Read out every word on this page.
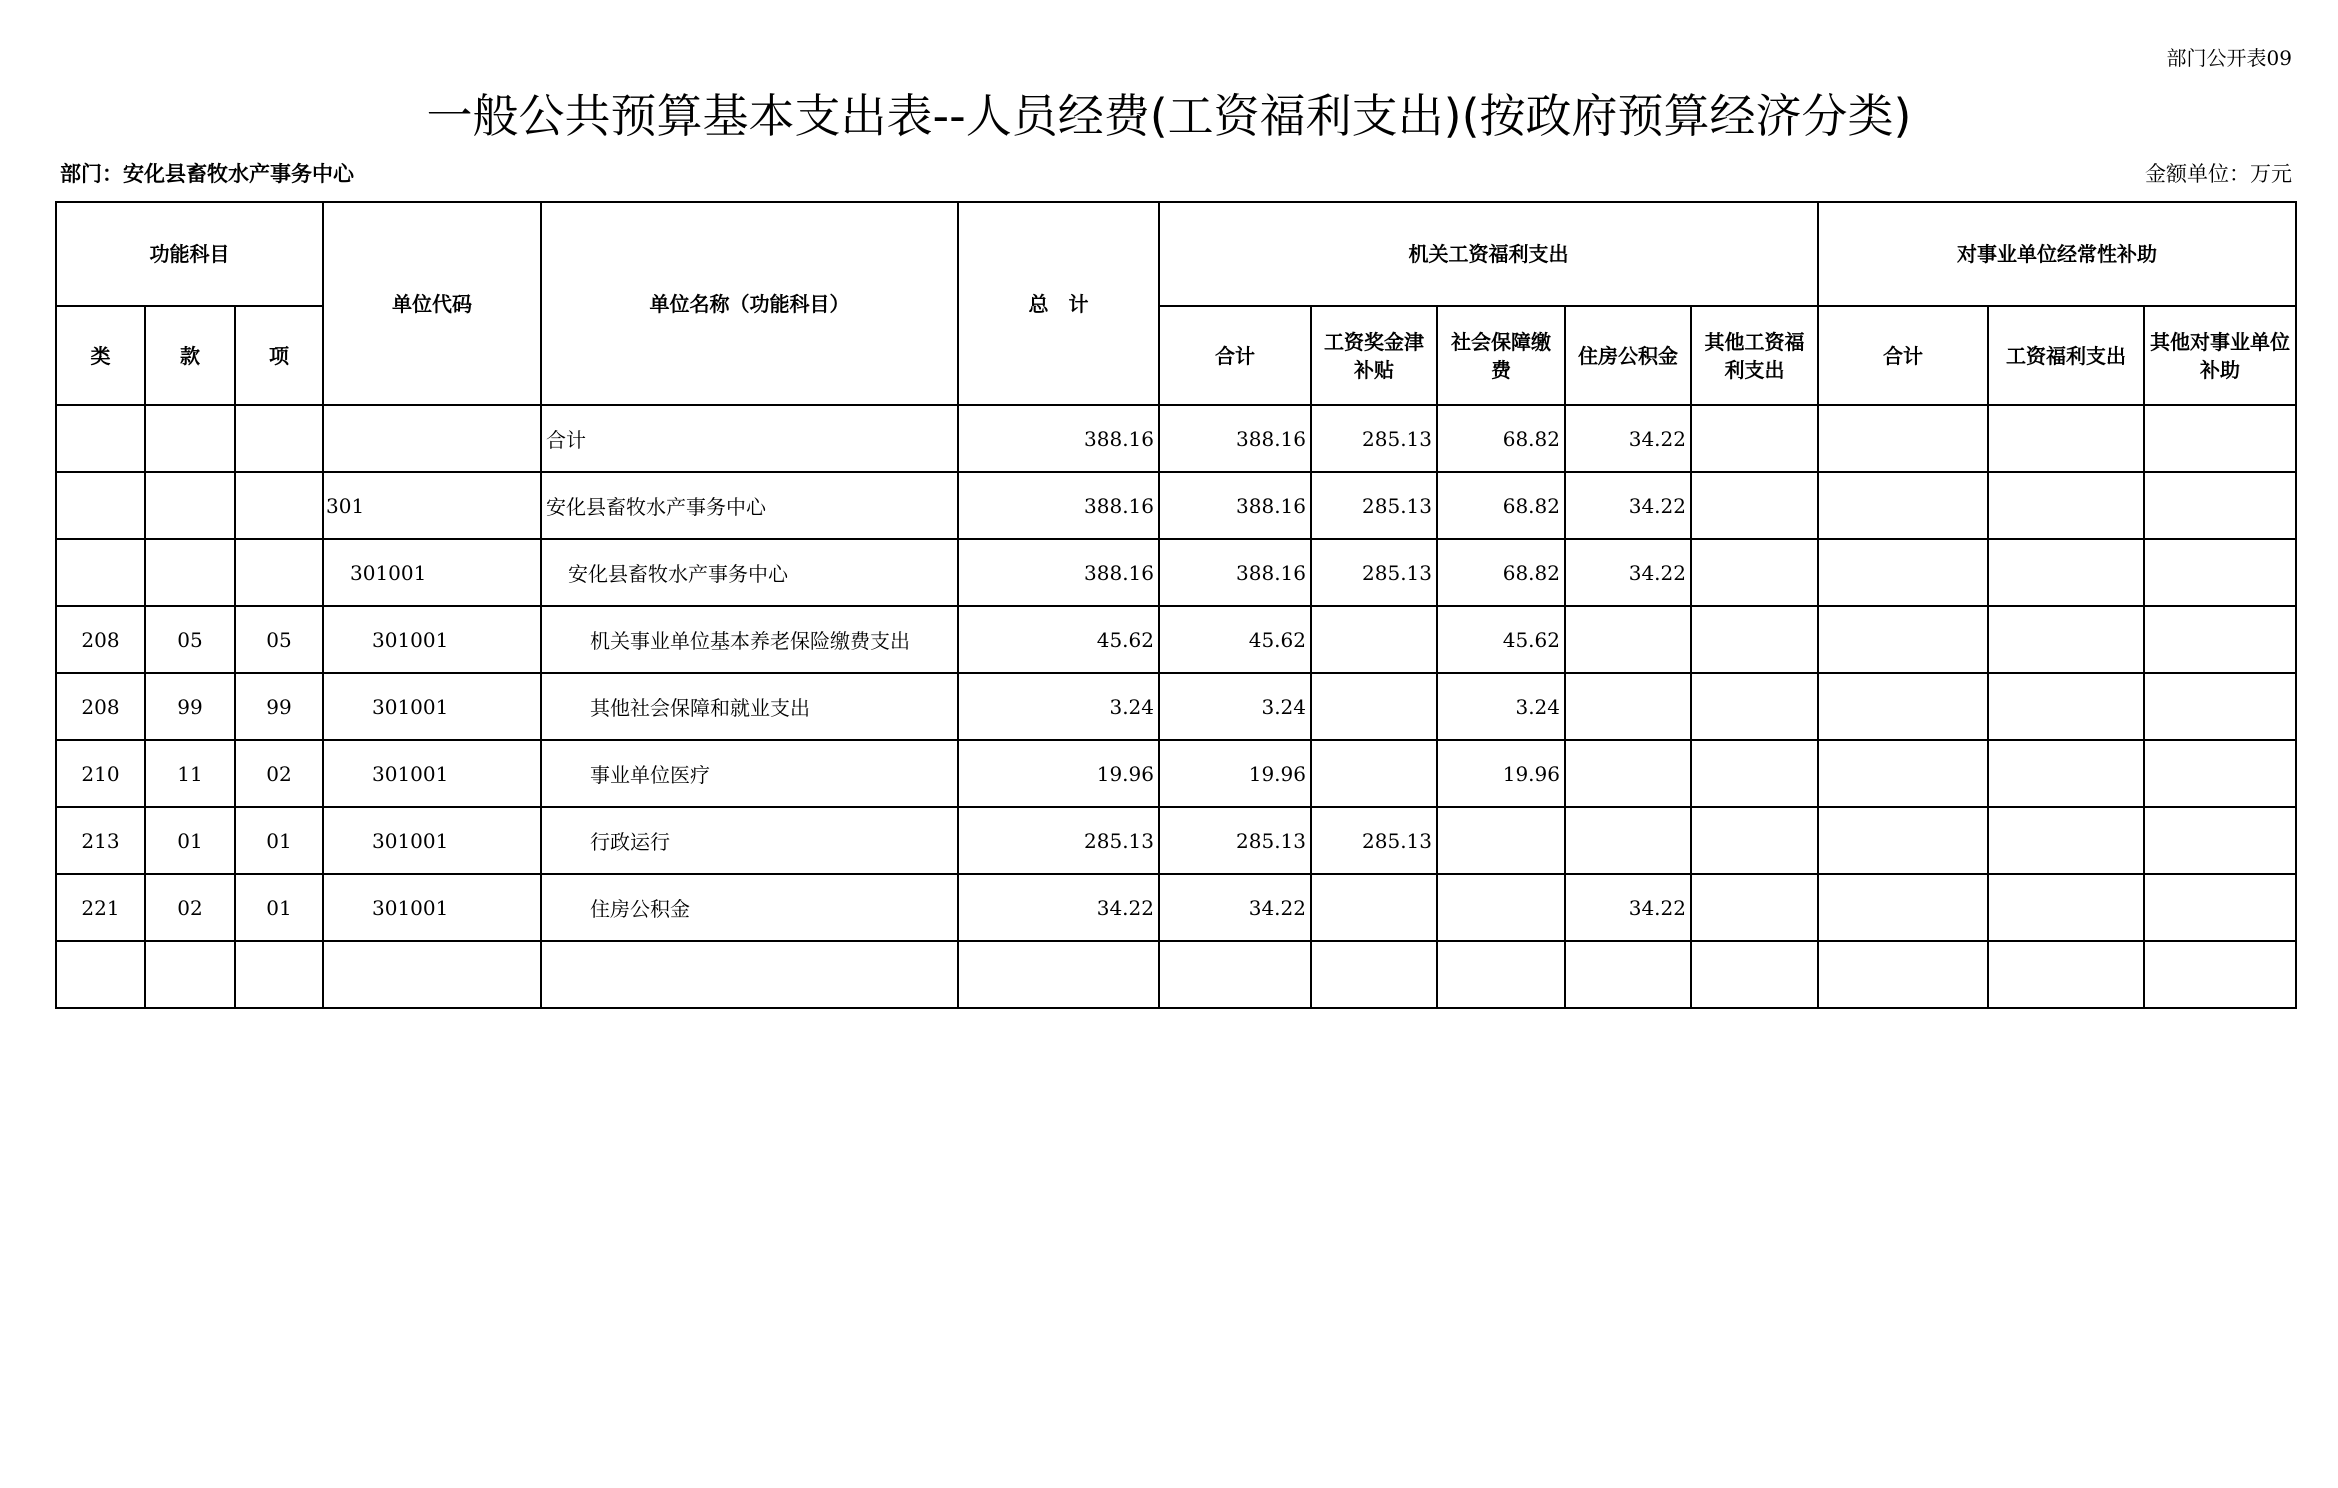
部门公开表09
一般公共预算基本支出表--人员经费(工资福利支出)(按政府预算经济分类)
部门：安化县畜牧水产事务中心	金额单位：万元
功能科目			单位代码	单位名称（功能科目）	总　计	机关工资福利支出					对事业单位经常性补助		
类	款	项				合计	工资奖金津补贴	社会保障缴费	住房公积金	其他工资福利支出	合计	工资福利支出	其他对事业单位补助
				合计	388.16	388.16	285.13	68.82	34.22				
			301	安化县畜牧水产事务中心	388.16	388.16	285.13	68.82	34.22				
			301001	安化县畜牧水产事务中心	388.16	388.16	285.13	68.82	34.22				
208	05	05	301001	机关事业单位基本养老保险缴费支出	45.62	45.62		45.62					
208	99	99	301001	其他社会保障和就业支出	3.24	3.24		3.24					
210	11	02	301001	事业单位医疗	19.96	19.96		19.96					
213	01	01	301001	行政运行	285.13	285.13	285.13						
221	02	01	301001	住房公积金	34.22	34.22			34.22				
